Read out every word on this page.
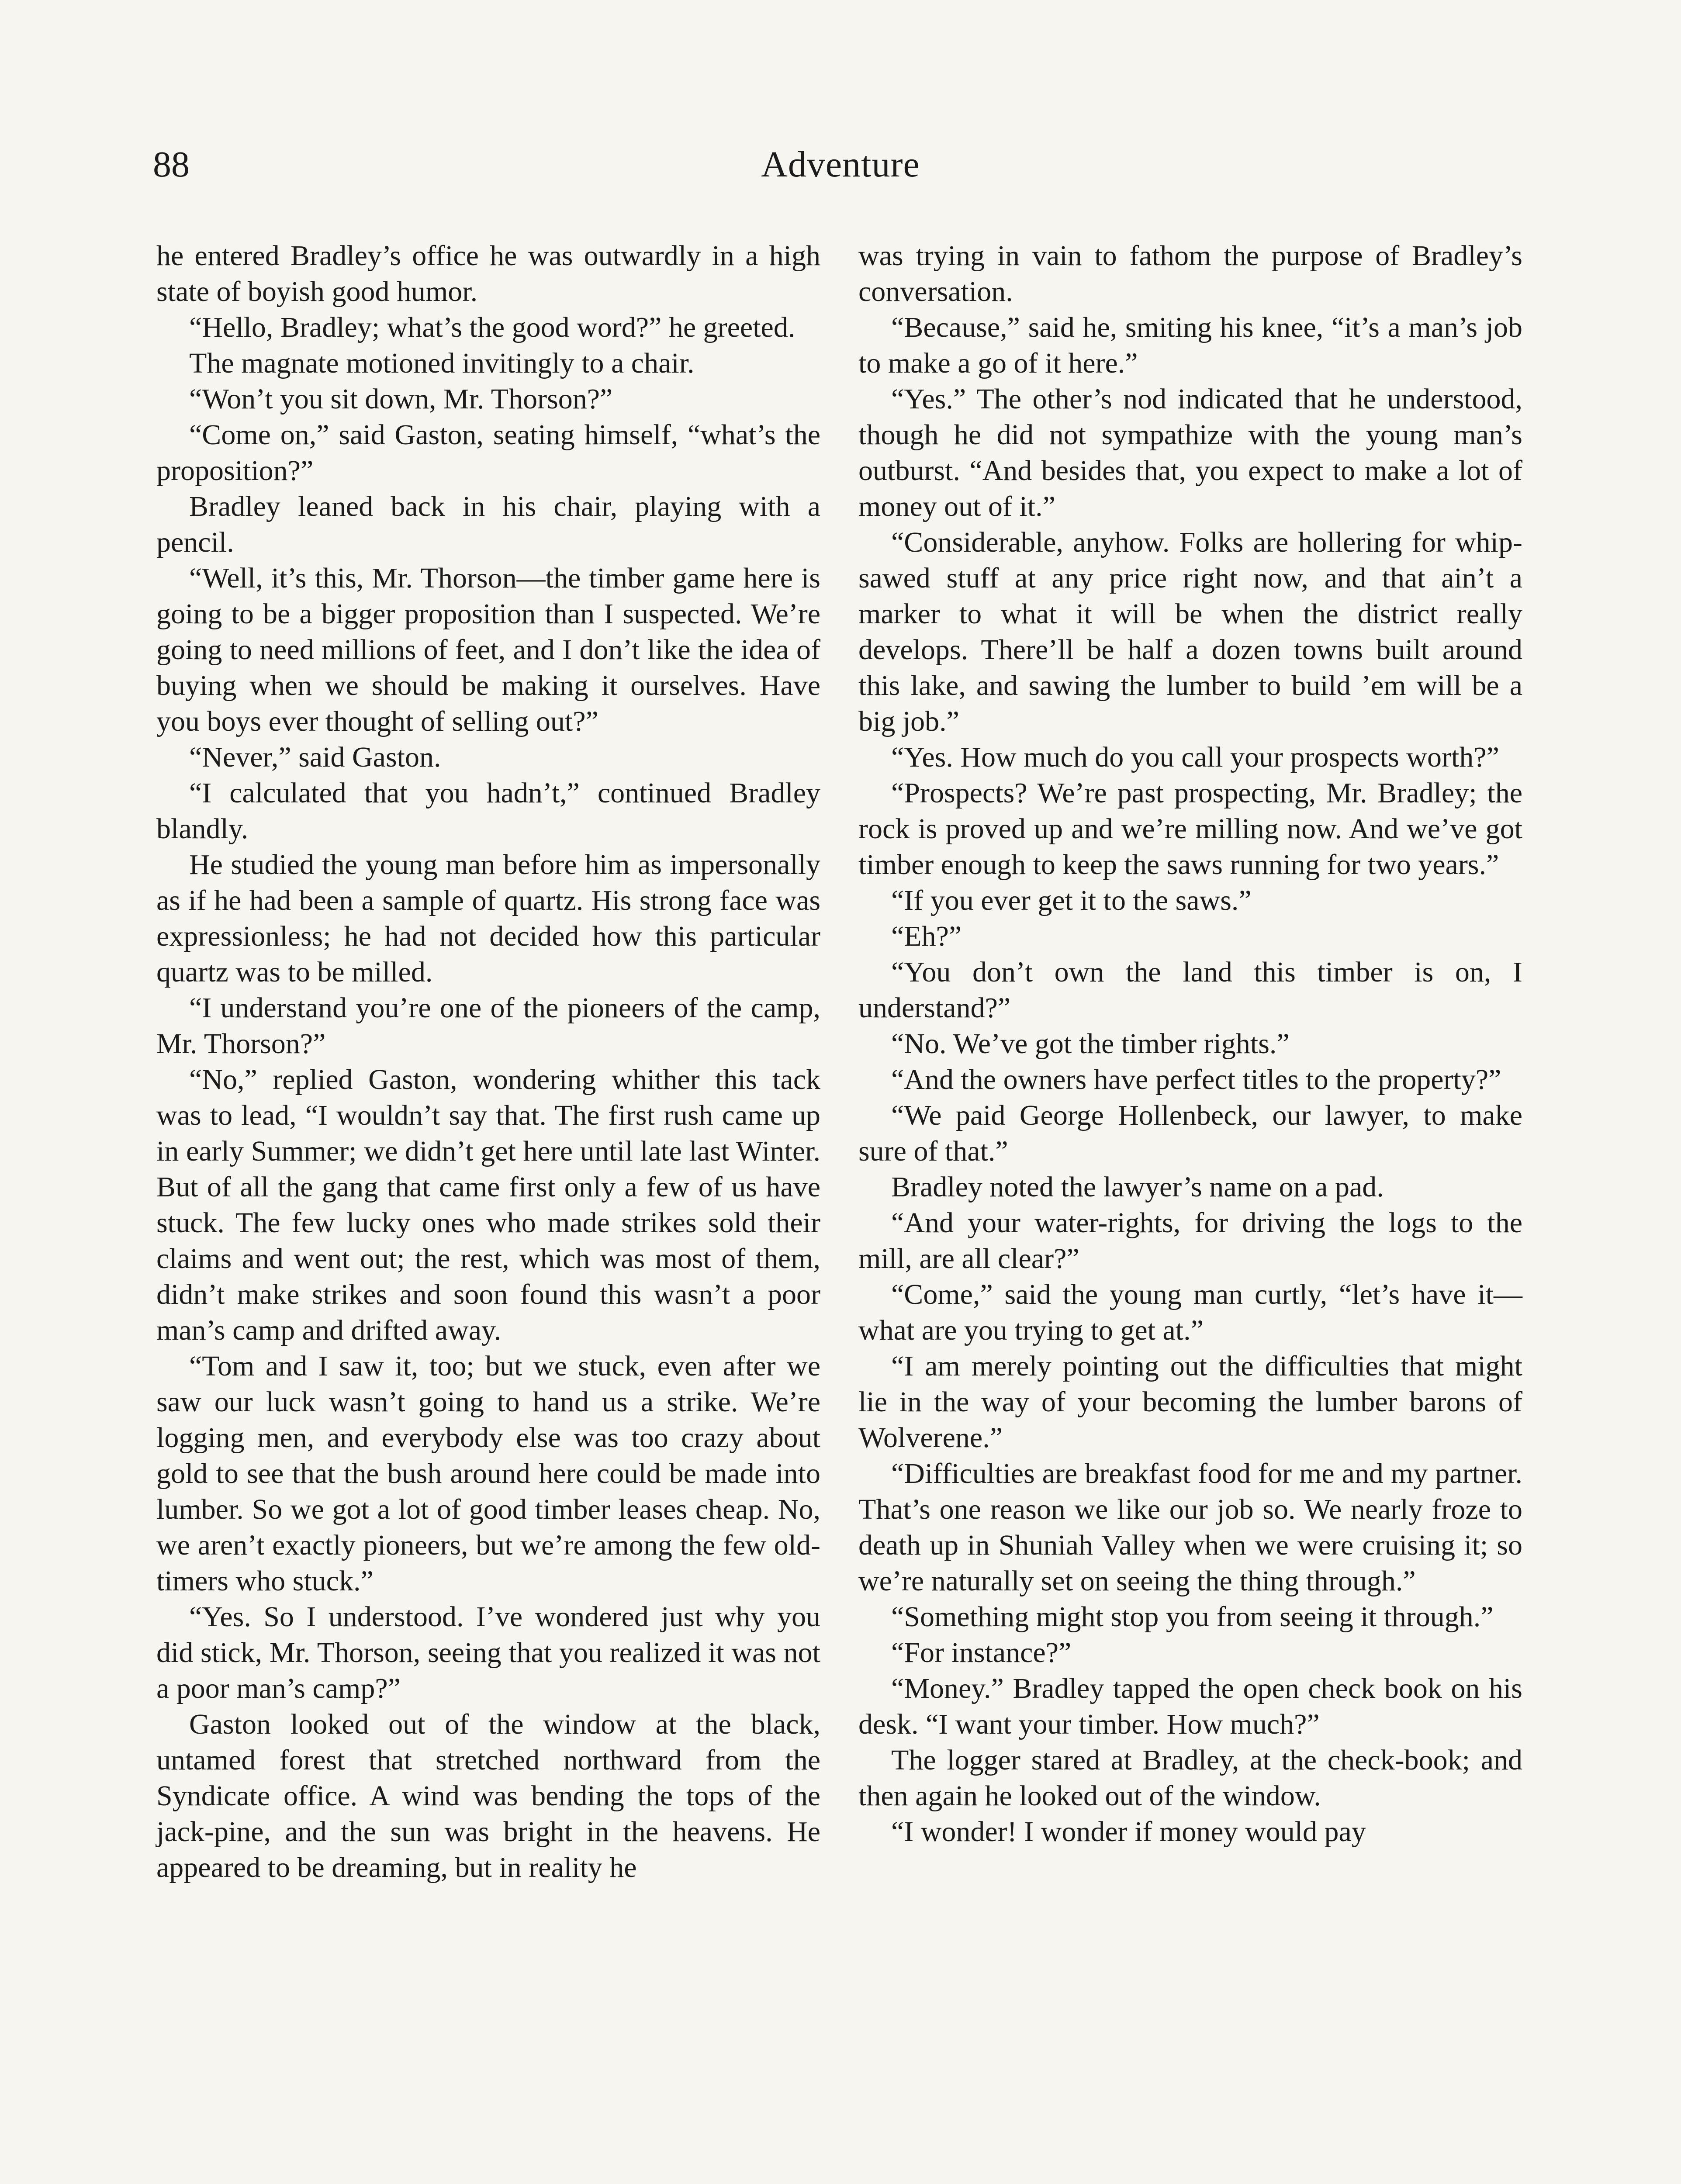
88	Adventure

he entered Bradley’s office he was outwardly in a high state of boyish good humor.

“Hello, Bradley; what’s the good word?” he greeted.

The magnate motioned invitingly to a chair.

“Won’t you sit down, Mr. Thorson?”

“Come on,” said Gaston, seating himself, “what’s the proposition?”

Bradley leaned back in his chair, playing with a pencil.

“Well, it’s this, Mr. Thorson—the timber game here is going to be a bigger proposition than I suspected. We’re going to need millions of feet, and I don’t like the idea of buying when we should be making it ourselves. Have you boys ever thought of selling out?”

“Never,” said Gaston.

“I calculated that you hadn’t,” continued Bradley blandly.

He studied the young man before him as impersonally as if he had been a sample of quartz. His strong face was expressionless; he had not decided how this particular quartz was to be milled.

“I understand you’re one of the pioneers of the camp, Mr. Thorson?”

“No,” replied Gaston, wondering whither this tack was to lead, “I wouldn’t say that. The first rush came up in early Summer; we didn’t get here until late last Winter. But of all the gang that came first only a few of us have stuck. The few lucky ones who made strikes sold their claims and went out; the rest, which was most of them, didn’t make strikes and soon found this wasn’t a poor man’s camp and drifted away.

“Tom and I saw it, too; but we stuck, even after we saw our luck wasn’t going to hand us a strike. We’re logging men, and everybody else was too crazy about gold to see that the bush around here could be made into lumber. So we got a lot of good timber leases cheap. No, we aren’t exactly pioneers, but we’re among the few old-timers who stuck.”

“Yes. So I understood. I’ve wondered just why you did stick, Mr. Thorson, seeing that you realized it was not a poor man’s camp?”

Gaston looked out of the window at the black, untamed forest that stretched northward from the Syndicate office. A wind was bending the tops of the jack-pine, and the sun was bright in the heavens. He appeared to be dreaming, but in reality he

was trying in vain to fathom the purpose of Bradley’s conversation.

“Because,” said he, smiting his knee, “it’s a man’s job to make a go of it here.”

“Yes.” The other’s nod indicated that he understood, though he did not sympathize with the young man’s outburst. “And besides that, you expect to make a lot of money out of it.”

“Considerable, anyhow. Folks are hollering for whip-sawed stuff at any price right now, and that ain’t a marker to what it will be when the district really develops. There’ll be half a dozen towns built around this lake, and sawing the lumber to build ’em will be a big job.”

“Yes. How much do you call your prospects worth?”

“Prospects? We’re past prospecting, Mr. Bradley; the rock is proved up and we’re milling now. And we’ve got timber enough to keep the saws running for two years.”

“If you ever get it to the saws.”

“Eh?”

“You don’t own the land this timber is on, I understand?”

“No. We’ve got the timber rights.”

“And the owners have perfect titles to the property?”

“We paid George Hollenbeck, our lawyer, to make sure of that.”

Bradley noted the lawyer’s name on a pad.

“And your water-rights, for driving the logs to the mill, are all clear?”

“Come,” said the young man curtly, “let’s have it—what are you trying to get at.”

“I am merely pointing out the difficulties that might lie in the way of your becoming the lumber barons of Wolverene.”

“Difficulties are breakfast food for me and my partner. That’s one reason we like our job so. We nearly froze to death up in Shuniah Valley when we were cruising it; so we’re naturally set on seeing the thing through.”

“Something might stop you from seeing it through.”

“For instance?”

“Money.” Bradley tapped the open check book on his desk. “I want your timber. How much?”

The logger stared at Bradley, at the check-book; and then again he looked out of the window.

“I wonder! I wonder if money would pay
